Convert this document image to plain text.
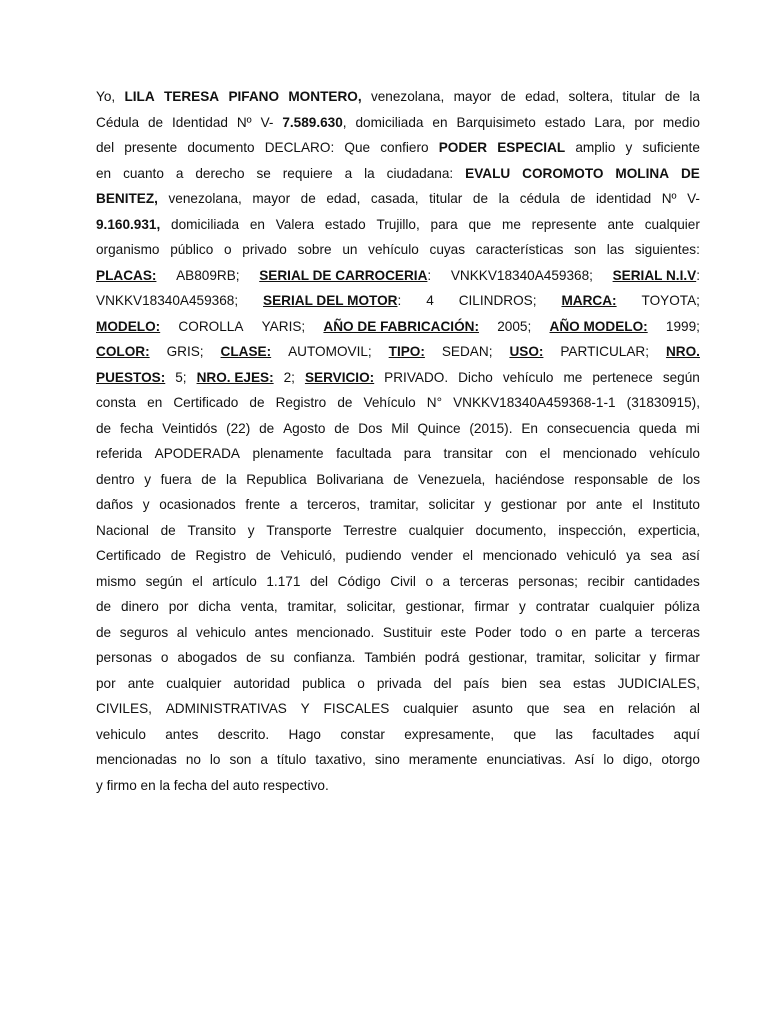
Yo, LILA TERESA PIFANO MONTERO, venezolana, mayor de edad, soltera, titular de la
Cédula de Identidad Nº V- 7.589.630, domiciliada en Barquisimeto estado Lara, por medio
del presente documento DECLARO: Que confiero PODER ESPECIAL amplio y suficiente
en cuanto a derecho se requiere a la ciudadana: EVALU COROMOTO MOLINA DE
BENITEZ, venezolana, mayor de edad, casada, titular de la cédula de identidad Nº V-
9.160.931, domiciliada en Valera estado Trujillo, para que me represente ante cualquier
organismo público o privado sobre un vehículo cuyas características son las siguientes:
PLACAS: AB809RB; SERIAL DE CARROCERIA: VNKKV18340A459368; SERIAL N.I.V:
VNKKV18340A459368; SERIAL DEL MOTOR: 4 CILINDROS; MARCA: TOYOTA;
MODELO: COROLLA YARIS; AÑO DE FABRICACIÓN: 2005; AÑO MODELO: 1999;
COLOR: GRIS; CLASE: AUTOMOVIL; TIPO: SEDAN; USO: PARTICULAR; NRO.
PUESTOS: 5; NRO. EJES: 2; SERVICIO: PRIVADO. Dicho vehículo me pertenece según
consta en Certificado de Registro de Vehículo N° VNKKV18340A459368-1-1 (31830915),
de fecha Veintidós (22) de Agosto de Dos Mil Quince (2015). En consecuencia queda mi
referida APODERADA plenamente facultada para transitar con el mencionado vehículo
dentro y fuera de la Republica Bolivariana de Venezuela, haciéndose responsable de los
daños y ocasionados frente a terceros, tramitar, solicitar y gestionar por ante el Instituto
Nacional de Transito y Transporte Terrestre cualquier documento, inspección, experticia,
Certificado de Registro de Vehiculó, pudiendo vender el mencionado vehiculó ya sea así
mismo según el artículo 1.171 del Código Civil o a terceras personas; recibir cantidades
de dinero por dicha venta, tramitar, solicitar, gestionar, firmar y contratar cualquier póliza
de seguros al vehiculo antes mencionado. Sustituir este Poder todo o en parte a terceras
personas o abogados de su confianza. También podrá gestionar, tramitar, solicitar y firmar
por ante cualquier autoridad publica o privada del país bien sea estas JUDICIALES,
CIVILES, ADMINISTRATIVAS Y FISCALES cualquier asunto que sea en relación al
vehiculo antes descrito. Hago constar expresamente, que las facultades aquí
mencionadas no lo son a título taxativo, sino meramente enunciativas. Así lo digo, otorgo
y firmo en la fecha del auto respectivo.
